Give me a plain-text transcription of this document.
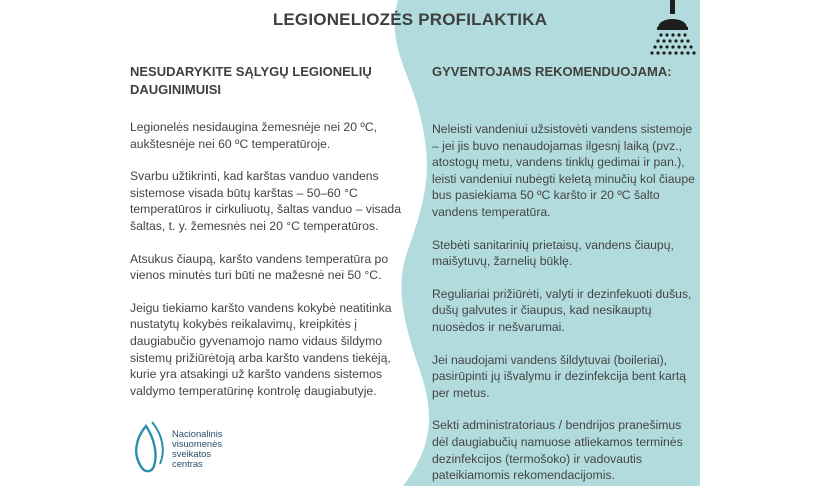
LEGIONELIOZĖS PROFILAKTIKA
NESUDARYKITE SĄLYGŲ LEGIONELIŲ DAUGINIMUISI

Legionelės nesidaugina žemesnėje nei 20 ºC, aukštesnėje nei 60 ºC temperatūroje.

Svarbu užtikrinti, kad karštas vanduo vandens sistemose visada būtų karštas – 50–60 °C temperatūros ir cirkuliuotų, šaltas vanduo – visada šaltas, t. y. žemesnės nei 20 °C temperatūros.

Atsukus čiaupą, karšto vandens temperatūra po vienos minutės turi būti ne mažesnė nei 50 °C.

Jeigu tiekiamo karšto vandens kokybė neatitinka nustatytų kokybės reikalavimų, kreipkitės į daugiabučio gyvenamojo namo vidaus šildymo sistemų prižiūrėtoją arba karšto vandens tiekėją, kurie yra atsakingi už karšto vandens sistemos valdymo temperatūrinę kontrolę daugiabutyje.

GYVENTOJAMS REKOMENDUOJAMA:

Neleisti vandeniui užsistovėti vandens sistemoje – jei jis buvo nenaudojamas ilgesnį laiką (pvz., atostogų metu, vandens tinklų gedimai ir pan.), leisti vandeniui nubėgti keletą minučių kol čiaupe bus pasiekiama 50 ºC karšto ir 20 ºC šalto vandens temperatūra.

Stebėti sanitarinių prietaisų, vandens čiaupų, maišytuvų, žarnelių būklę.

Reguliariai prižiūrėti, valyti ir dezinfekuoti dušus, dušų galvutes ir čiaupus, kad nesikauptų nuosėdos ir nešvarumai.

Jei naudojami vandens šildytuvai (boileriai), pasirūpinti jų išvalymu ir dezinfekcija bent kartą per metus.

Sekti administratoriaus / bendrijos pranešimus dėl daugiabučių namuose atliekamos terminės dezinfekcijos (termošoko) ir vadovautis pateikiamomis rekomendacijomis.

Nacionalinis
visuomenės
sveikatos
centras
